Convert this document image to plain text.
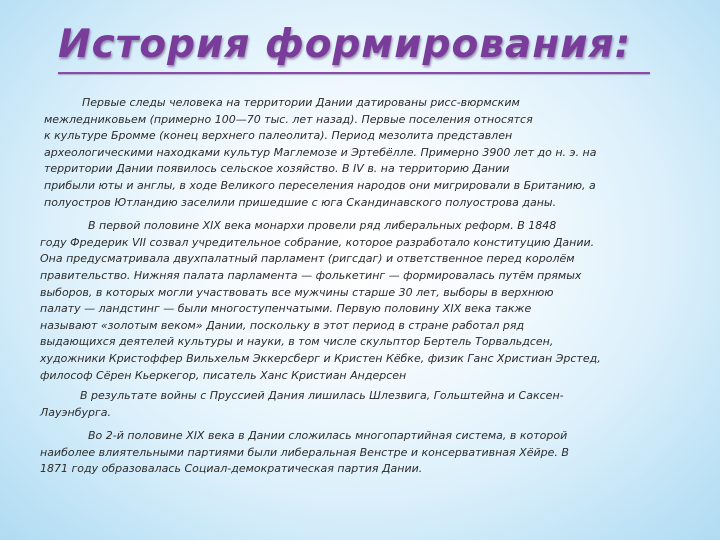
История формирования:

Первые следы человека на территории Дании датированы рисс-вюрмским
межледниковьем (примерно 100—70 тыс. лет назад). Первые поселения относятся
к культуре Бромме (конец верхнего палеолита). Период мезолита представлен
археологическими находками культур Маглемозе и Эртебёлле. Примерно 3900 лет до н. э. на
территории Дании появилось сельское хозяйство. В IV в. на территорию Дании
прибыли юты и англы, в ходе Великого переселения народов они мигрировали в Британию, а
полуостров Ютландию заселили пришедшие с юга Скандинавского полуострова даны.

В первой половине XIX века монархи провели ряд либеральных реформ. В 1848
году Фредерик VII созвал учредительное собрание, которое разработало конституцию Дании.
Она предусматривала двухпалатный парламент (ригсдаг) и ответственное перед королём
правительство. Нижняя палата парламента — фолькетинг — формировалась путём прямых
выборов, в которых могли участвовать все мужчины старше 30 лет, выборы в верхнюю
палату — ландстинг — были многоступенчатыми. Первую половину XIX века также
называют «золотым веком» Дании, поскольку в этот период в стране работал ряд
выдающихся деятелей культуры и науки, в том числе скульптор Бертель Торвальдсен,
художники Кристоффер Вильхельм Эккерсберг и Кристен Кёбке, физик Ганс Христиан Эрстед,
философ Сёрен Кьеркегор, писатель Ханс Кристиан Андерсен

В результате войны с Пруссией Дания лишилась Шлезвига, Гольштейна и Саксен-
Лауэнбурга.

Во 2-й половине XIX века в Дании сложилась многопартийная система, в которой
наиболее влиятельными партиями были либеральная Венстре и консервативная Хёйре. В
1871 году образовалась Социал-демократическая партия Дании.
